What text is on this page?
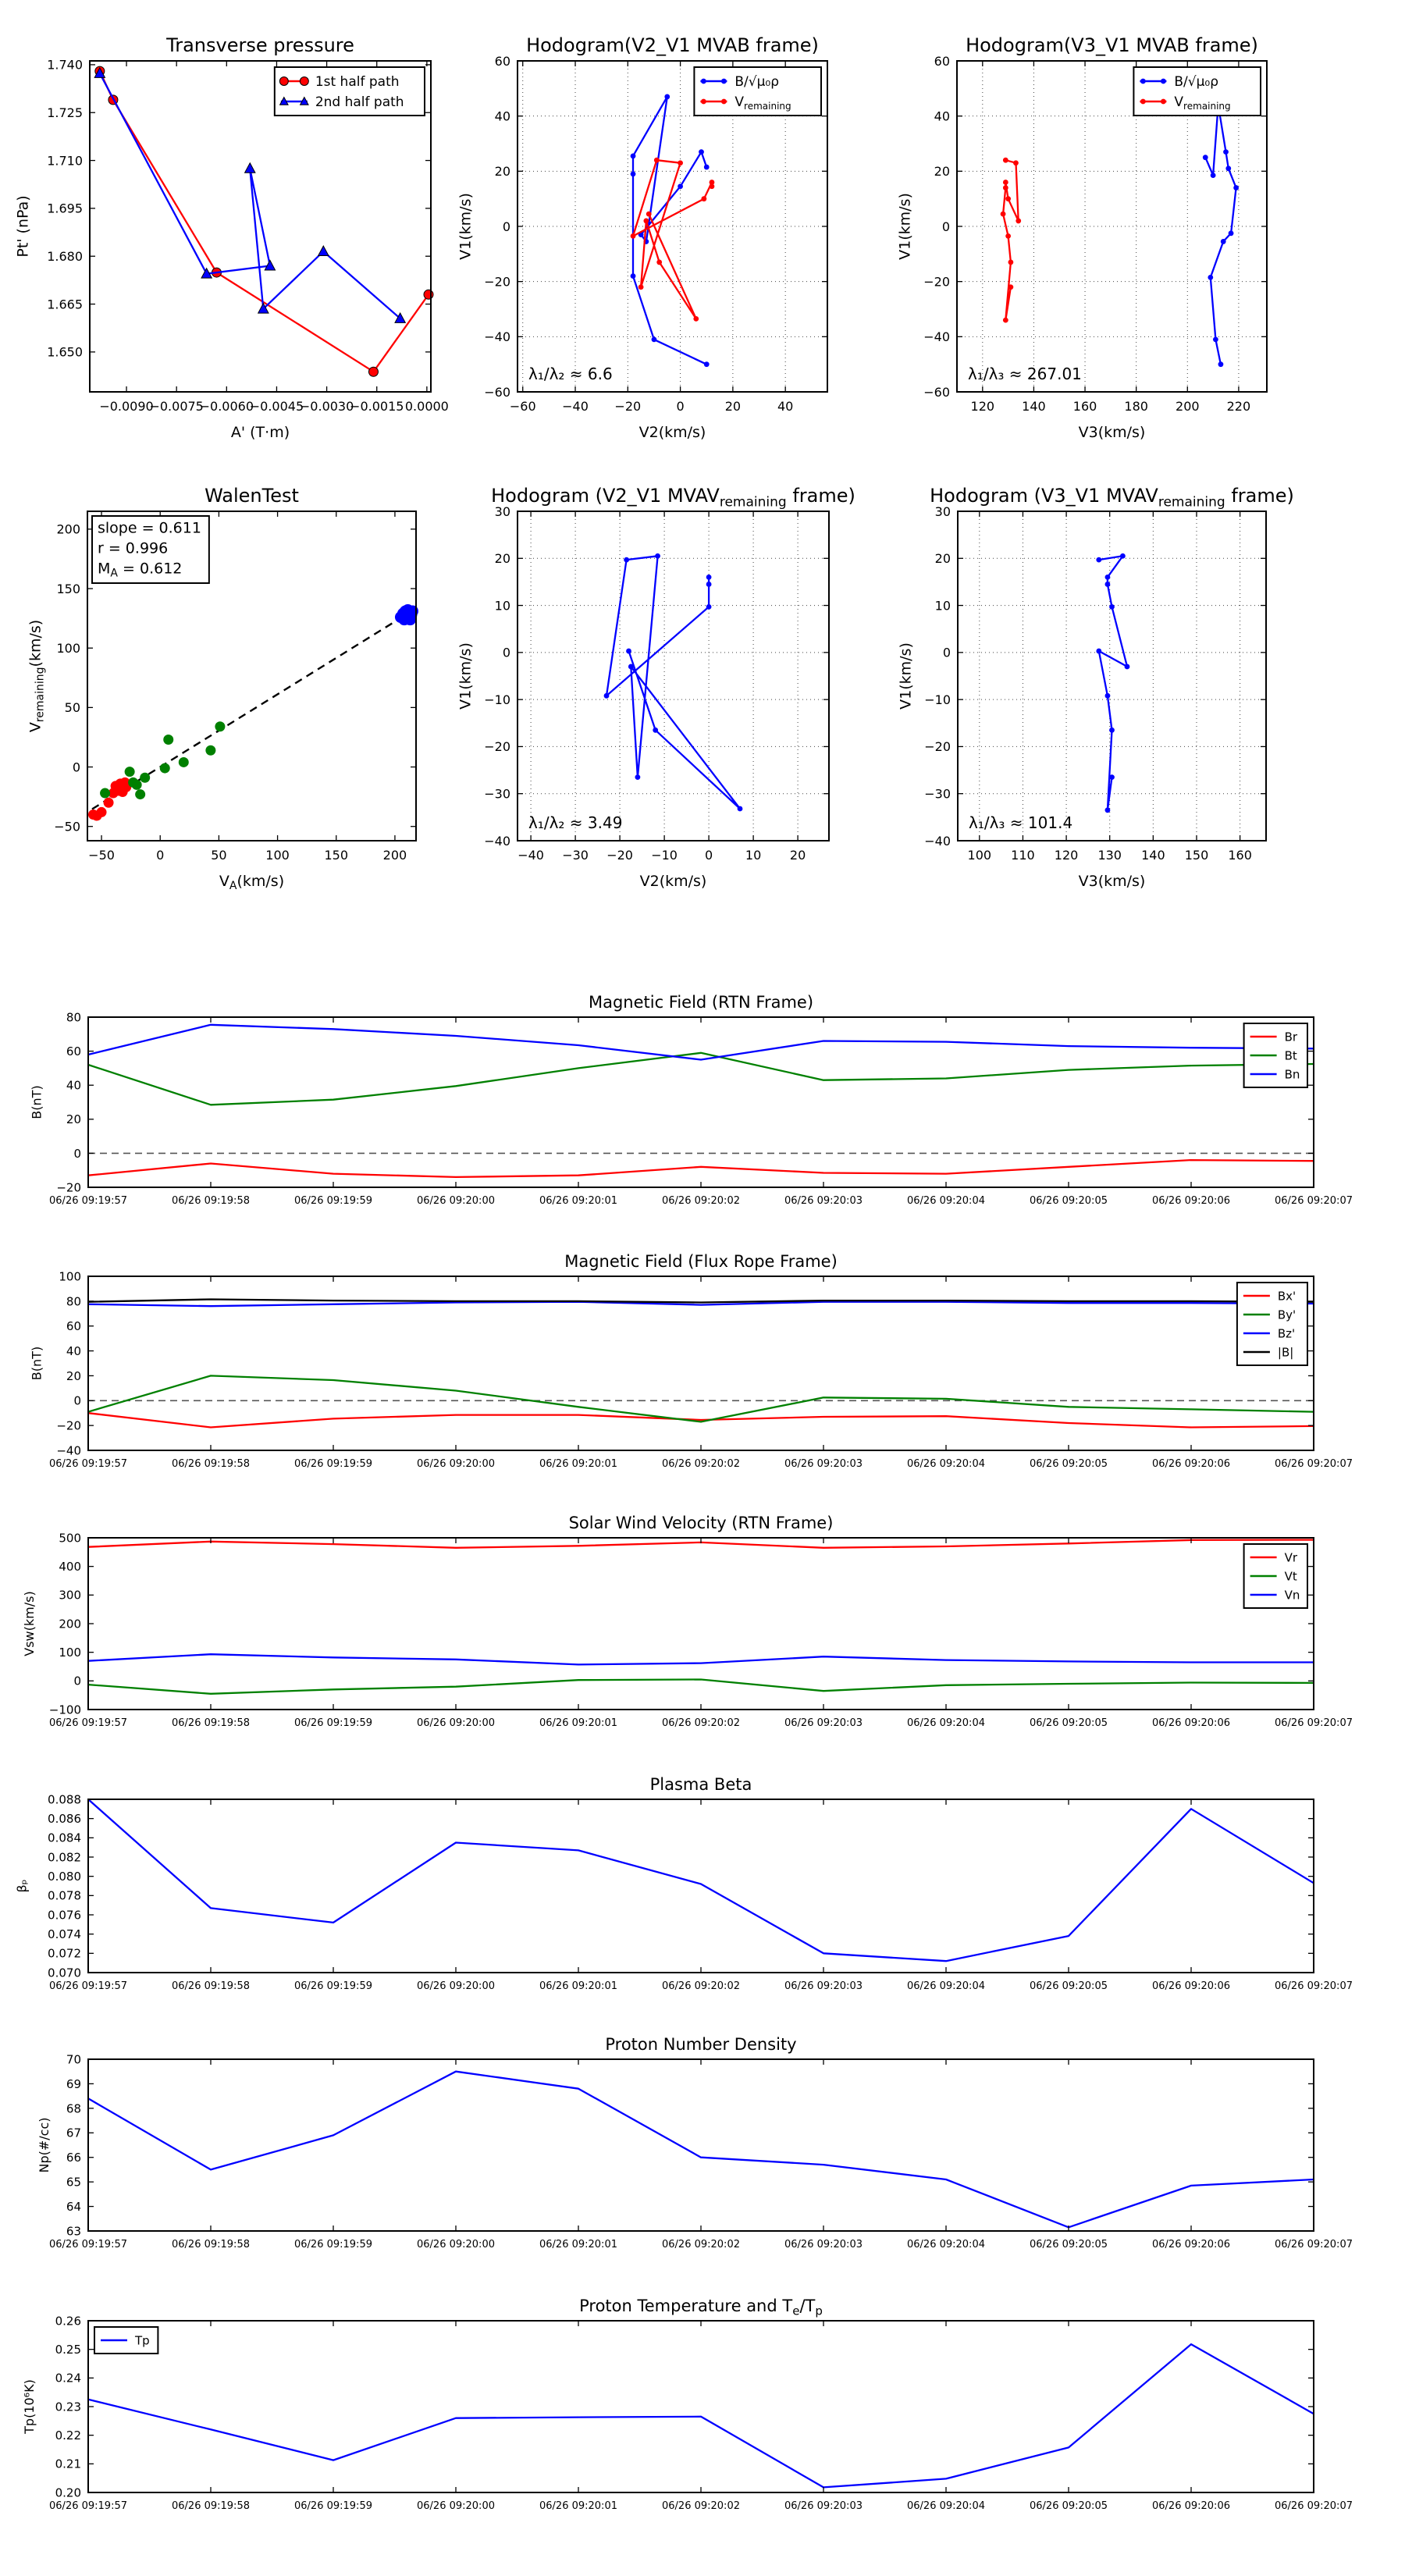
−0.0090
−0.0075
−0.0060
−0.0045
−0.0030
−0.0015 0.0000
1.650
1.665
1.680
1.695
1.710
1.725
1.740
Transverse pressure
A' (T·m)
Pt' (nPa)
1st half path
2nd half path
−60 −40 −20	0	20	40
−60
−40
−20
0
20
40
60
Hodogram(V2_V1 MVAB frame)
V2(km/s)
V1(km/s)
λ₁/λ₂ ≈ 6.6
B/√μ₀ρ
$V_{remaining}$
120 140 160 180 200 220
−60
−40
−20
0
20
40
60
Hodogram(V3_V1 MVAB frame)
V3(km/s)
V1(km/s)
λ₁/λ₃ ≈ 267.01
B/√μ₀ρ
$V_{remaining}$
−50	0	50	100	150	200
−50
0
50
100
150
200
WalenTest
$V_A(km/s)$
$V_{remaining}(km/s)$
slope = 0.611
r = 0.996
$M_A = 0.612$
−40 −30 −20 −10 0	10 20
−40
−30
−20
−10
0
10
20
30
Hodogram (V2_V1 $MVAV_{remaining}$ frame)
V2(km/s)
V1(km/s)
λ₁/λ₂ ≈ 3.49
100 110 120 130 140 150 160
−40
−30
−20
−10
0
10
20
30
Hodogram (V3_V1 $MVAV_{remaining}$ frame)
V3(km/s)
V1(km/s)
λ₁/λ₃ ≈ 101.4
06/26 09:19:57	06/26 09:19:58	06/26 09:19:59	06/26 09:20:00	06/26 09:20:01	06/26 09:20:02	06/26 09:20:03	06/26 09:20:04	06/26 09:20:05	06/26 09:20:06	06/26 09:20:07
−20
0
20
40
60
80
Magnetic Field (RTN Frame)
B(nT)
Br
Bt
Bn
06/26 09:19:57	06/26 09:19:58	06/26 09:19:59	06/26 09:20:00	06/26 09:20:01	06/26 09:20:02	06/26 09:20:03	06/26 09:20:04	06/26 09:20:05	06/26 09:20:06	06/26 09:20:07
−40
−20
0
20
40
60
80
100
Magnetic Field (Flux Rope Frame)
B(nT)
Bx'
By'
Bz'
|B|
06/26 09:19:57	06/26 09:19:58	06/26 09:19:59	06/26 09:20:00	06/26 09:20:01	06/26 09:20:02	06/26 09:20:03	06/26 09:20:04	06/26 09:20:05	06/26 09:20:06	06/26 09:20:07
−100
0
100
200
300
400
500
Solar Wind Velocity (RTN Frame)
Vsw(km/s)
Vr
Vt
Vn
06/26 09:19:57	06/26 09:19:58	06/26 09:19:59	06/26 09:20:00	06/26 09:20:01	06/26 09:20:02	06/26 09:20:03	06/26 09:20:04	06/26 09:20:05	06/26 09:20:06	06/26 09:20:07
0.070
0.072
0.074
0.076
0.078
0.080
0.082
0.084
0.086
0.088
Plasma Beta
βₚ
06/26 09:19:57	06/26 09:19:58	06/26 09:19:59	06/26 09:20:00	06/26 09:20:01	06/26 09:20:02	06/26 09:20:03	06/26 09:20:04	06/26 09:20:05	06/26 09:20:06	06/26 09:20:07
63
64
65
66
67
68
69
70
Proton Number Density
Np(#/cc)
06/26 09:19:57	06/26 09:19:58	06/26 09:19:59	06/26 09:20:00	06/26 09:20:01	06/26 09:20:02	06/26 09:20:03	06/26 09:20:04	06/26 09:20:05	06/26 09:20:06	06/26 09:20:07
0.20
0.21
0.22
0.23
0.24
0.25
0.26
Proton Temperature and $T_e/T_p$
Tp(10⁶K)
Tp
